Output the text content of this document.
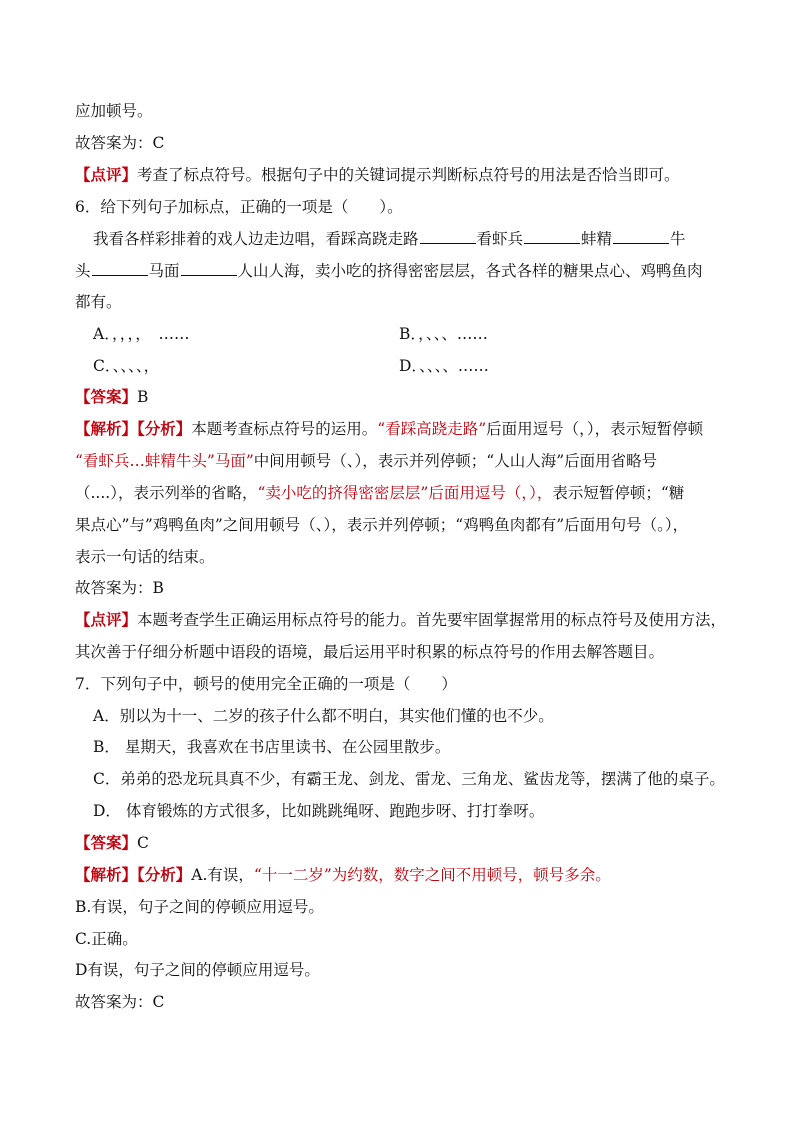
应加顿号。
故答案为：C
【点评】考查了标点符号。根据句子中的关键词提示判断标点符号的用法是否恰当即可。
6．给下列句子加标点，正确的一项是（　　）。
我看各样彩排着的戏人边走边唱，看踩高跷走路	看虾兵	蚌精	牛
头	马面	人山人海，卖小吃的挤得密密层层，各式各样的糖果点心、鸡鸭鱼肉
都有。
A．，，，，　……	B．，、、、……
C．、、、、，	D．、、、、……
【答案】B
【解析】【分析】本题考查标点符号的运用。“看踩高跷走路”后面用逗号（，），表示短暂停顿
“看虾兵…蚌精牛头”马面”中间用顿号（、），表示并列停顿；“人山人海”后面用省略号
（....），表示列举的省略，“卖小吃的挤得密密层层”后面用逗号（，），表示短暂停顿；“糖
果点心”与”鸡鸭鱼肉”之间用顿号（、），表示并列停顿；“鸡鸭鱼肉都有”后面用句号（。），
表示一句话的结束。
故答案为：B
【点评】本题考查学生正确运用标点符号的能力。首先要牢固掌握常用的标点符号及使用方法，
其次善于仔细分析题中语段的语境，最后运用平时积累的标点符号的作用去解答题目。
7．下列句子中，顿号的使用完全正确的一项是（　　）
A．别以为十一、二岁的孩子什么都不明白，其实他们懂的也不少。
B． 星期天，我喜欢在书店里读书、在公园里散步。
C．弟弟的恐龙玩具真不少，有霸王龙、剑龙、雷龙、三角龙、鲨齿龙等，摆满了他的桌子。
D． 体育锻炼的方式很多，比如跳跳绳呀、跑跑步呀、打打拳呀。
【答案】C
【解析】【分析】A.有误，“十一二岁”为约数，数字之间不用顿号，顿号多余。
B.有误，句子之间的停顿应用逗号。
C.正确。
D有误，句子之间的停顿应用逗号。
故答案为：C
